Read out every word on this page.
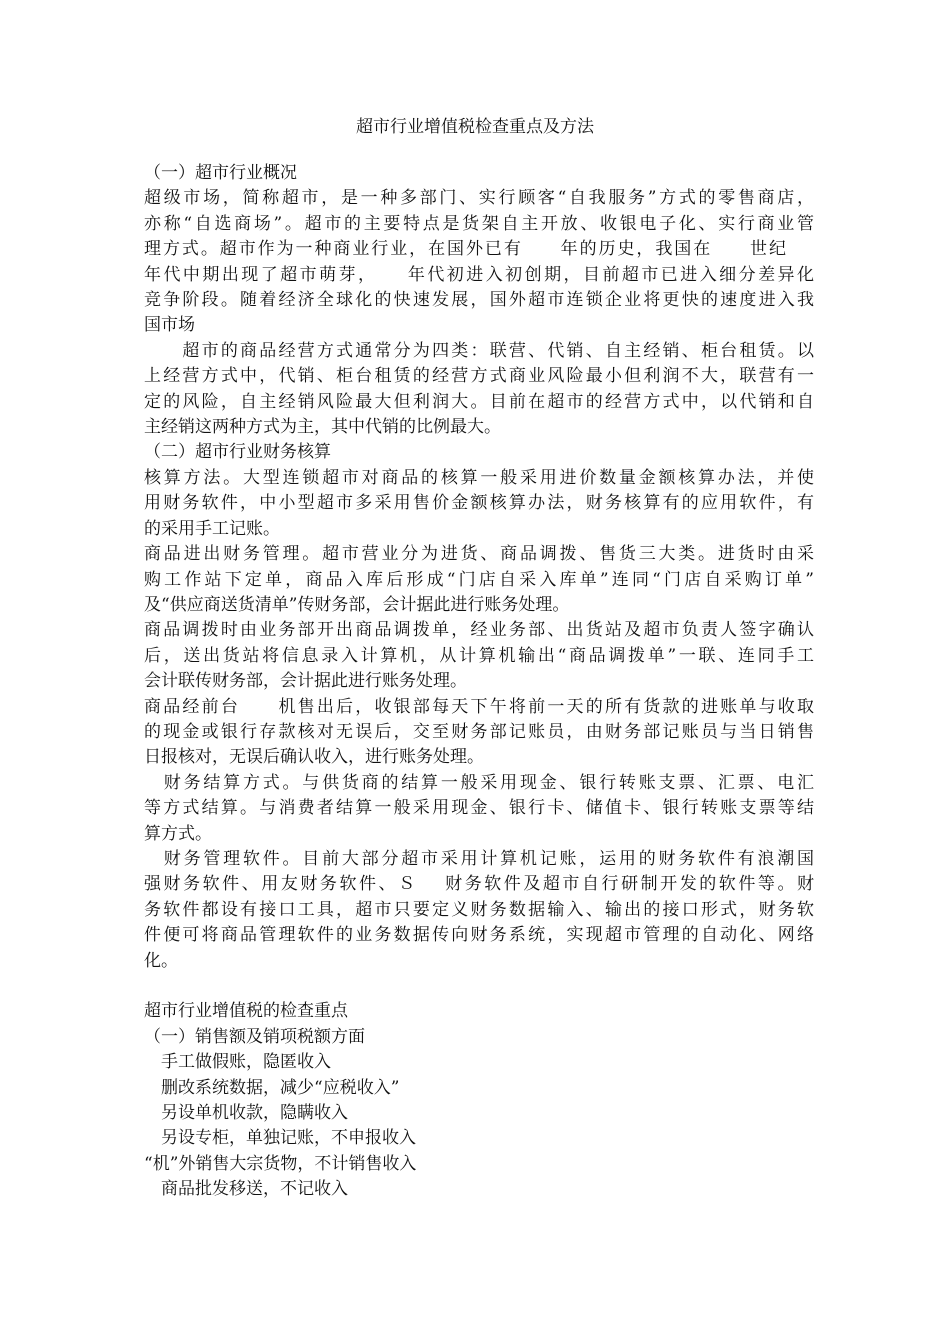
超市行业增值税检查重点及方法

（一）超市行业概况

超级市场，简称超市，是一种多部门、实行顾客“自我服务”方式的零售商店，

亦称“自选商场”。超市的主要特点是货架自主开放、收银电子化、实行商业管

理方式。超市作为一种商业行业，在国外已有　　年的历史，我国在　　世纪

年代中期出现了超市萌芽，　　年代初进入初创期，目前超市已进入细分差异化

竞争阶段。随着经济全球化的快速发展，国外超市连锁企业将更快的速度进入我

国市场

　　超市的商品经营方式通常分为四类：联营、代销、自主经销、柜台租赁。以

上经营方式中，代销、柜台租赁的经营方式商业风险最小但利润不大，联营有一

定的风险，自主经销风险最大但利润大。目前在超市的经营方式中，以代销和自

主经销这两种方式为主，其中代销的比例最大。

（二）超市行业财务核算

核算方法。大型连锁超市对商品的核算一般采用进价数量金额核算办法，并使

用财务软件，中小型超市多采用售价金额核算办法，财务核算有的应用软件，有

的采用手工记账。

商品进出财务管理。超市营业分为进货、商品调拨、售货三大类。进货时由采

购工作站下定单，商品入库后形成“门店自采入库单”连同“门店自采购订单”

及“供应商送货清单”传财务部，会计据此进行账务处理。

商品调拨时由业务部开出商品调拨单，经业务部、出货站及超市负责人签字确认

后，送出货站将信息录入计算机，从计算机输出“商品调拨单”一联、连同手工

会计联传财务部，会计据此进行账务处理。

商品经前台　　机售出后，收银部每天下午将前一天的所有货款的进账单与收取

的现金或银行存款核对无误后，交至财务部记账员，由财务部记账员与当日销售

日报核对，无误后确认收入，进行账务处理。

　财务结算方式。与供货商的结算一般采用现金、银行转账支票、汇票、电汇

等方式结算。与消费者结算一般采用现金、银行卡、储值卡、银行转账支票等结

算方式。

　财务管理软件。目前大部分超市采用计算机记账，运用的财务软件有浪潮国

强财务软件、用友财务软件、Ｓ　 财务软件及超市自行研制开发的软件等。财

务软件都设有接口工具，超市只要定义财务数据输入、输出的接口形式，财务软

件便可将商品管理软件的业务数据传向财务系统，实现超市管理的自动化、网络

化。

超市行业增值税的检查重点

（一）销售额及销项税额方面

　手工做假账，隐匿收入

　删改系统数据，减少“应税收入”

　另设单机收款，隐瞒收入

　另设专柜，单独记账，不申报收入

“机”外销售大宗货物，不计销售收入

　商品批发移送，不记收入
